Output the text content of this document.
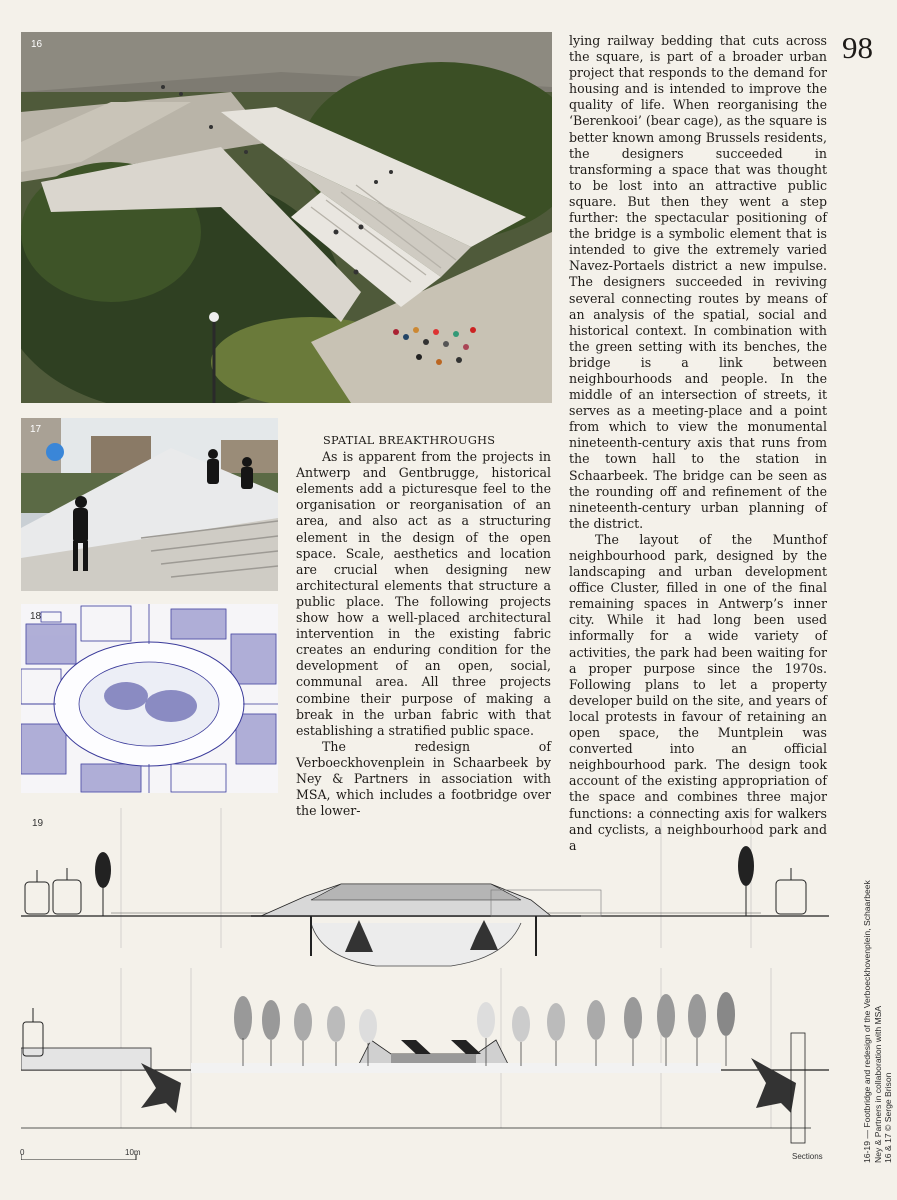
98
16
17
18
SPATIAL BREAKTHROUGHS

As is apparent from the projects in Antwerp and Gentbrugge, historical elements add a picturesque feel to the organisation or reorganisation of an area, and also act as a structuring element in the design of the open space. Scale, aesthetics and location are crucial when designing new architectural elements that structure a public place. The following projects show how a well-placed architectural intervention in the existing fabric creates an enduring condition for the development of an open, social, communal area. All three projects combine their purpose of making a break in the urban fabric with that establishing a stratified public space.

The redesign of Verboeckhovenplein in Schaarbeek by Ney & Partners in association with MSA, which includes a footbridge over the lower-

lying railway bedding that cuts across the square, is part of a broader urban project that responds to the demand for housing and is intended to improve the quality of life. When reorganising the ‘Berenkooi’ (bear cage), as the square is better known among Brussels residents, the designers succeeded in transforming a space that was thought to be lost into an attractive public square. But then they went a step further: the spectacular positioning of the bridge is a symbolic element that is intended to give the extremely varied Navez-Portaels district a new impulse. The designers succeeded in reviving several connecting routes by means of an analysis of the spatial, social and historical context. In combination with the green setting with its benches, the bridge is a link between neighbourhoods and people. In the middle of an intersection of streets, it serves as a meeting-place and a point from which to view the monumental nineteenth-century axis that runs from the town hall to the station in Schaarbeek. The bridge can be seen as the rounding off and refinement of the nineteenth-century urban planning of the district.

The layout of the Munthof neighbourhood park, designed by the landscaping and urban development office Cluster, filled in one of the final remaining spaces in Antwerp’s inner city. While it had long been used informally for a wide variety of activities, the park had been waiting for a proper purpose since the 1970s. Following plans to let a property developer build on the site, and years of local protests in favour of retaining an open space, the Muntplein was converted into an official neighbourhood park. The design took account of the existing appropriation of the space and combines three major functions: a connecting axis for walkers and cyclists, a neighbourhood park and a

19
0	10m	Sections	16-19 — Footbridge and redesign of the Verboeckhovenplein, Schaarbeek Ney & Partners in collaboration with MSA 16 & 17 © Serge Brison
